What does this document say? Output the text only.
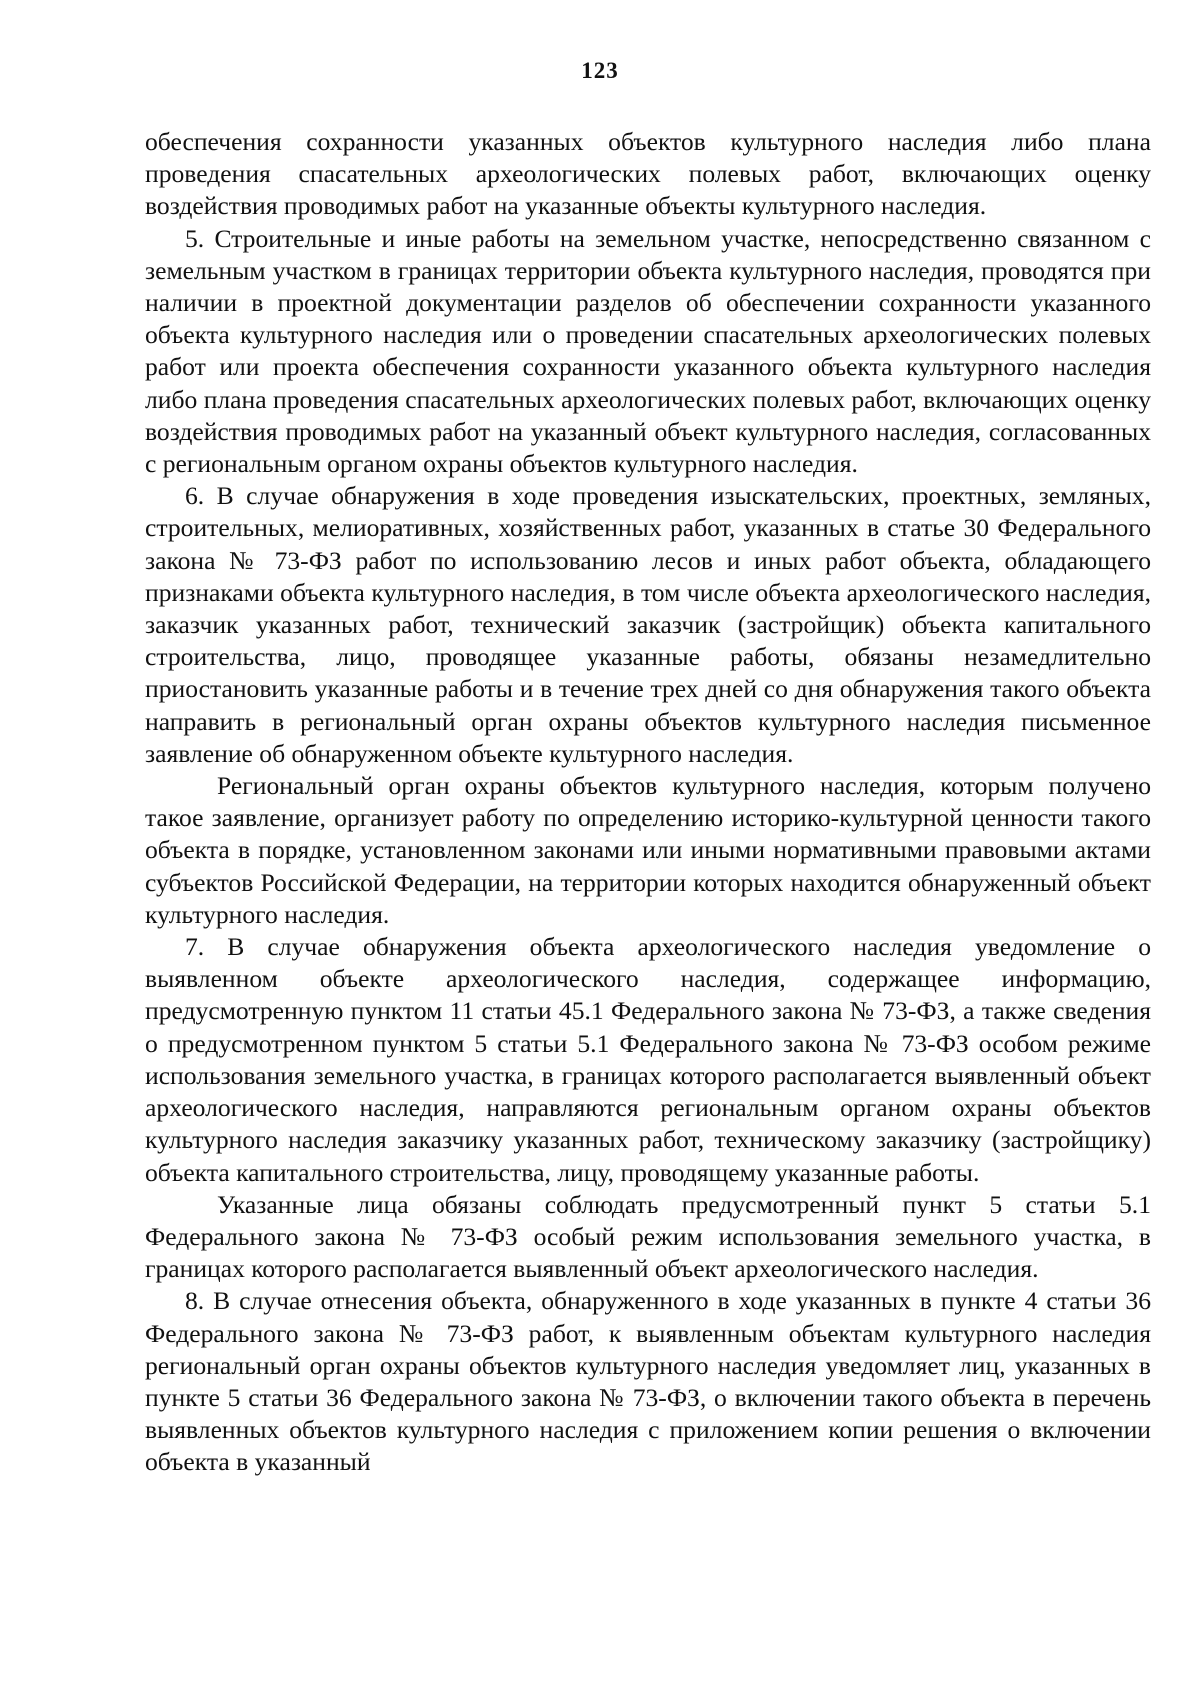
123

обеспечения сохранности указанных объектов культурного наследия либо плана проведения спасательных археологических полевых работ, включающих оценку воздействия проводимых работ на указанные объекты культурного наследия.

5. Строительные и иные работы на земельном участке, непосредственно связанном с земельным участком в границах территории объекта культурного наследия, проводятся при наличии в проектной документации разделов об обеспечении сохранности указанного объекта культурного наследия или о проведении спасательных археологических полевых работ или проекта обеспечения сохранности указанного объекта культурного наследия либо плана проведения спасательных археологических полевых работ, включающих оценку воздействия проводимых работ на указанный объект культурного наследия, согласованных с региональным органом охраны объектов культурного наследия.

6. В случае обнаружения в ходе проведения изыскательских, проектных, земляных, строительных, мелиоративных, хозяйственных работ, указанных в статье 30 Федерального закона № 73-ФЗ работ по использованию лесов и иных работ объекта, обладающего признаками объекта культурного наследия, в том числе объекта археологического наследия, заказчик указанных работ, технический заказчик (застройщик) объекта капитального строительства, лицо, проводящее указанные работы, обязаны незамедлительно приостановить указанные работы и в течение трех дней со дня обнаружения такого объекта направить в региональный орган охраны объектов культурного наследия письменное заявление об обнаруженном объекте культурного наследия.

Региональный орган охраны объектов культурного наследия, которым получено такое заявление, организует работу по определению историко-культурной ценности такого объекта в порядке, установленном законами или иными нормативными правовыми актами субъектов Российской Федерации, на территории которых находится обнаруженный объект культурного наследия.

7. В случае обнаружения объекта археологического наследия уведомление о выявленном объекте археологического наследия, содержащее информацию, предусмотренную пунктом 11 статьи 45.1 Федерального закона № 73-ФЗ, а также сведения о предусмотренном пунктом 5 статьи 5.1 Федерального закона № 73-ФЗ особом режиме использования земельного участка, в границах которого располагается выявленный объект археологического наследия, направляются региональным органом охраны объектов культурного наследия заказчику указанных работ, техническому заказчику (застройщику) объекта капитального строительства, лицу, проводящему указанные работы.

Указанные лица обязаны соблюдать предусмотренный пункт 5 статьи 5.1 Федерального закона № 73-ФЗ особый режим использования земельного участка, в границах которого располагается выявленный объект археологического наследия.

8. В случае отнесения объекта, обнаруженного в ходе указанных в пункте 4 статьи 36 Федерального закона № 73-ФЗ работ, к выявленным объектам культурного наследия региональный орган охраны объектов культурного наследия уведомляет лиц, указанных в пункте 5 статьи 36 Федерального закона № 73-ФЗ, о включении такого объекта в перечень выявленных объектов культурного наследия с приложением копии решения о включении объекта в указанный
